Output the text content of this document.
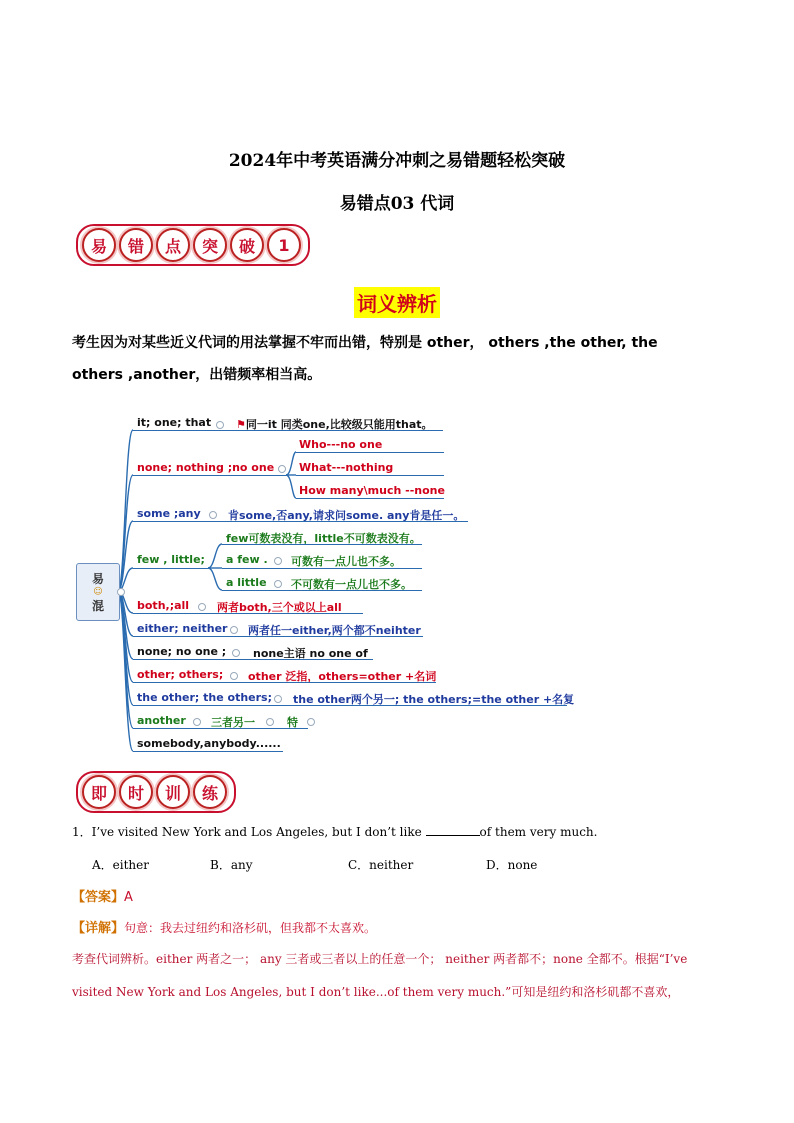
2024年中考英语满分冲刺之易错题轻松突破
易错点03 代词
易	错	点	突	破	1
词义辨析
考生因为对某些近义代词的用法掌握不牢而出错，特别是 other， others ,the other, the
others ,another，出错频率相当高。
易
☺
混
it; one; that ⚑同一it 同类one,比较级只能用that。
none; nothing ;no one
Who---no one
What---nothing
How many\much --none
some ;any 肯some,否any,请求问some. any肯是任一。
few , little;
few可数表没有，little不可数表没有。
a few . 可数有一点儿也不多。
a little 不可数有一点儿也不多。
both,;all	两者both,三个或以上all
either; neither 两者任一either,两个都不neihter
none; no one ; none主语 no one of
other; others; other 泛指，others=other +名词
the other; the others; the other两个另一; the others;=the other +名复
another 三者另一	特
somebody,anybody......
即	时	训	练
1．I’ve visited New York and Los Angeles, but I don’t like	of them very much.
A．either	B．any	C．neither	D．none
【答案】A
【详解】句意：我去过纽约和洛杉矶，但我都不太喜欢。
考查代词辨析。either 两者之一； any 三者或三者以上的任意一个； neither 两者都不；none 全都不。根据“I’ve
visited New York and Los Angeles, but I don’t like...of them very much.”可知是纽约和洛杉矶都不喜欢，
